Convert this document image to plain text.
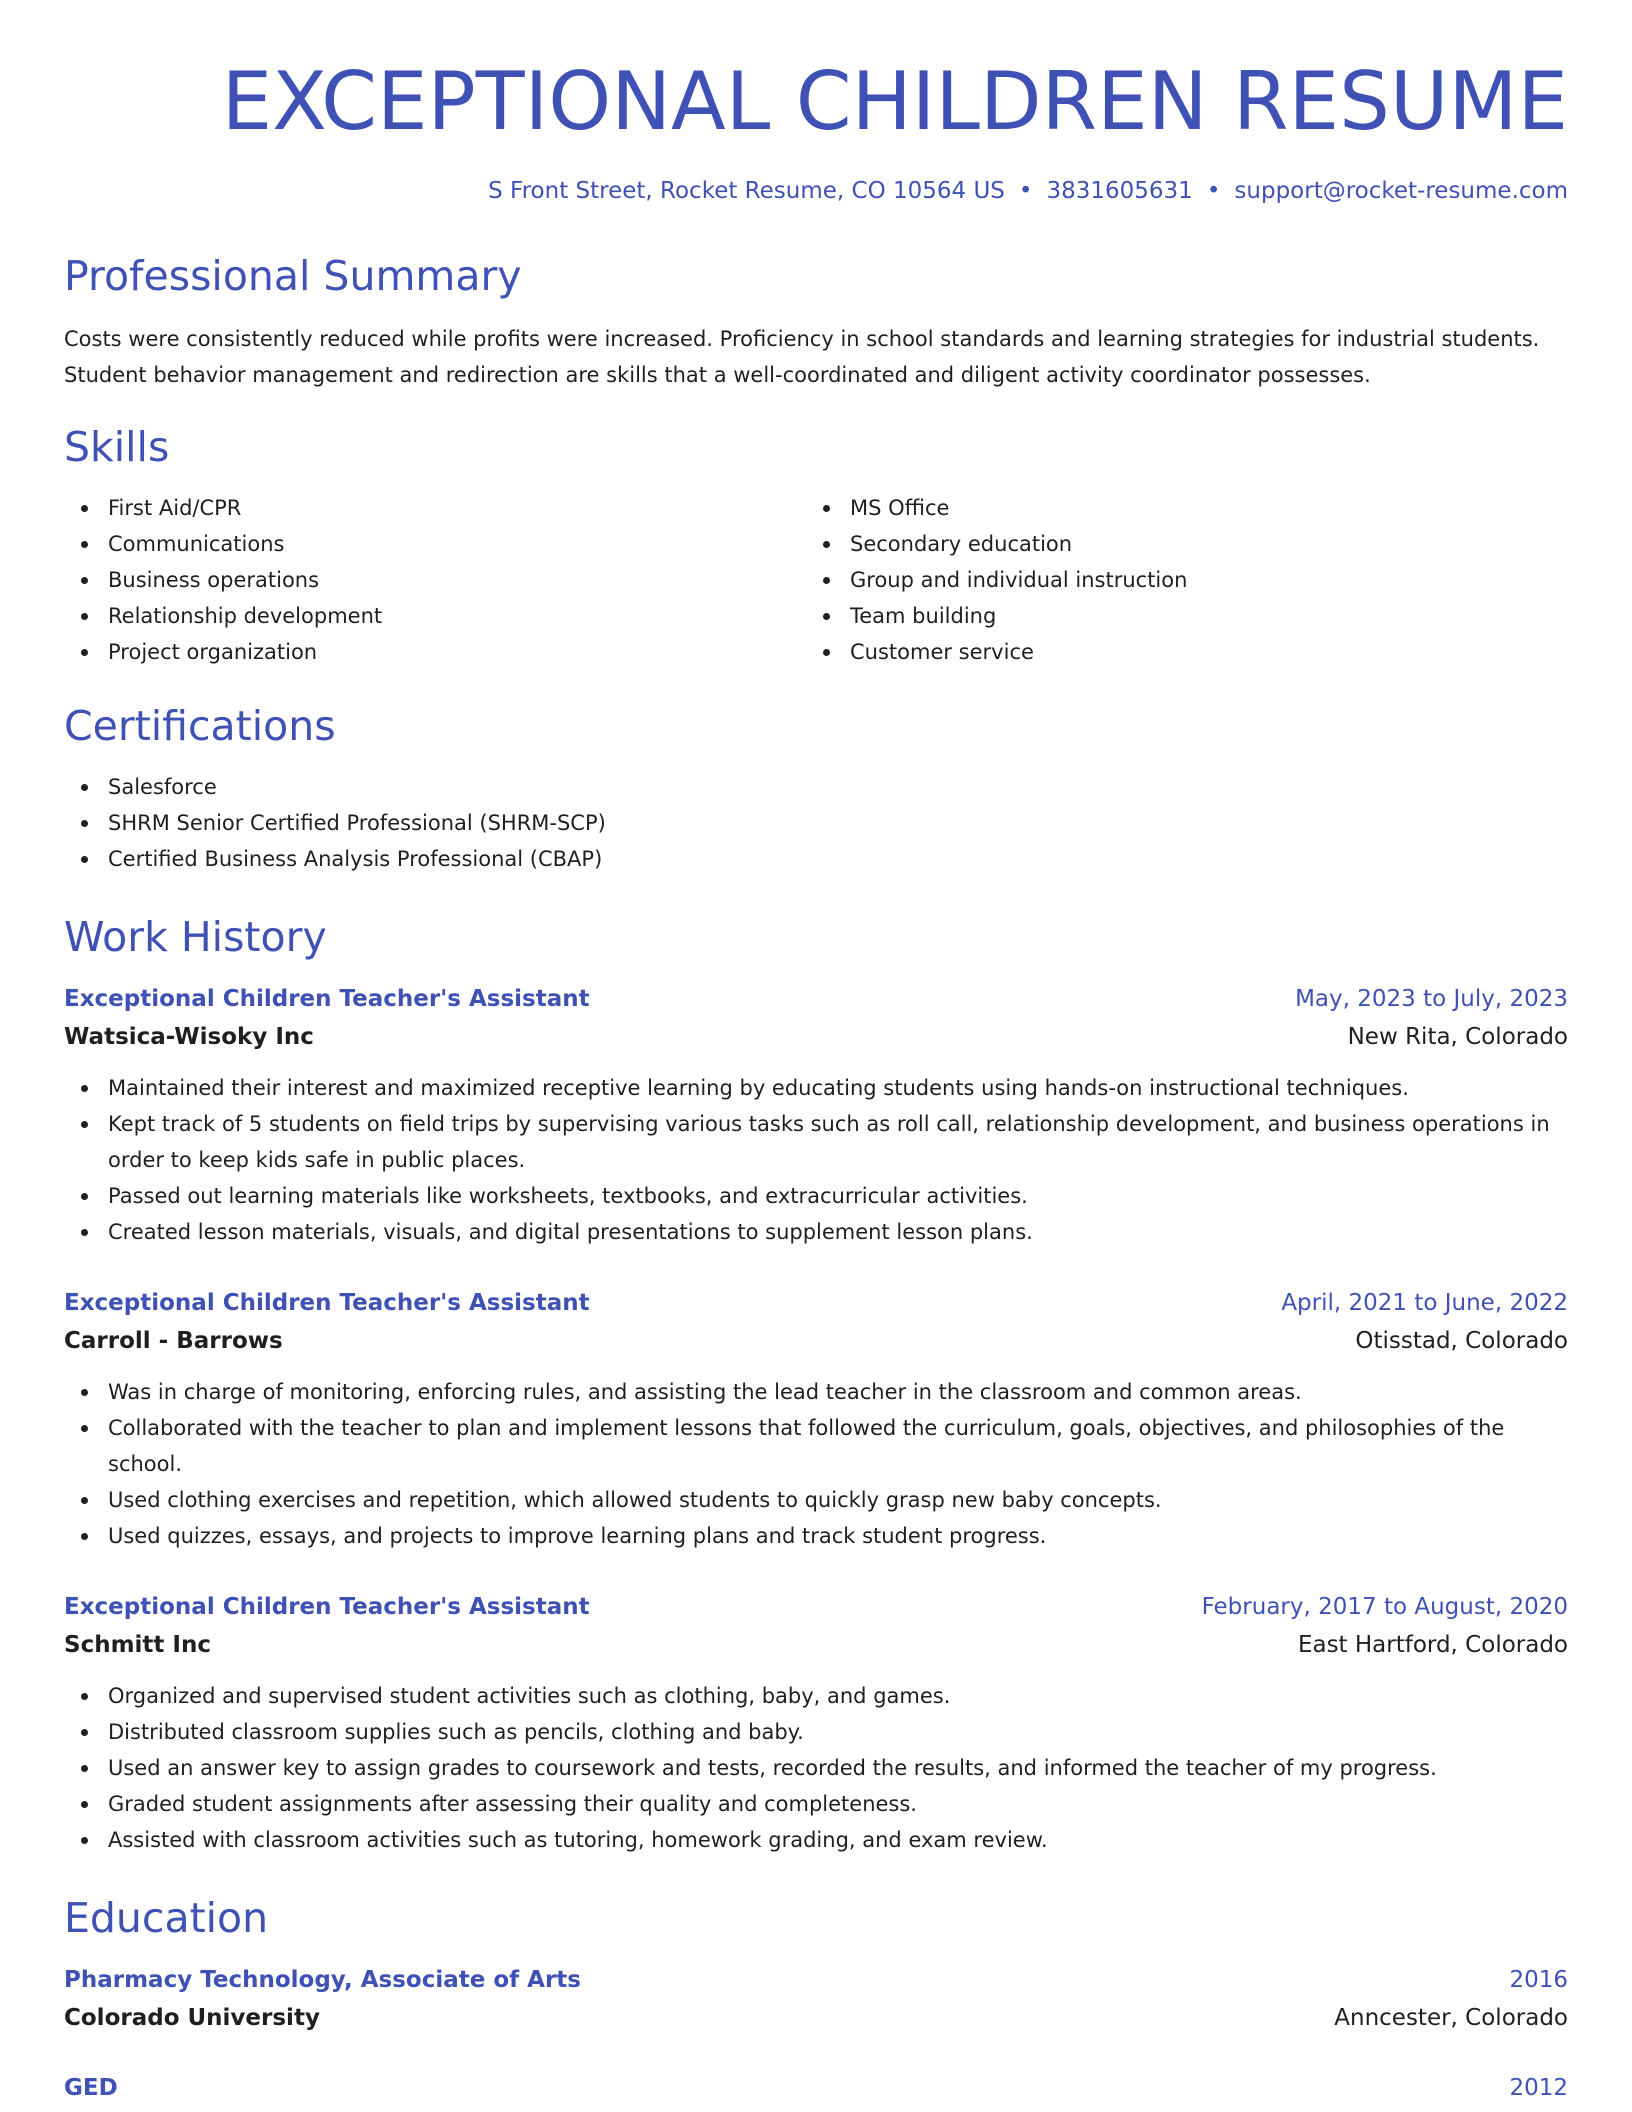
EXCEPTIONAL CHILDREN RESUME
S Front Street, Rocket Resume, CO 10564 US • 3831605631 • support@rocket-resume.com
Professional Summary

Costs were consistently reduced while profits were increased. Proficiency in school standards and learning strategies for industrial students. Student behavior management and redirection are skills that a well-coordinated and diligent activity coordinator possesses.

Skills
First Aid/CPR
Communications
Business operations
Relationship development
Project organization
MS Office
Secondary education
Group and individual instruction
Team building
Customer service
Certifications
Salesforce
SHRM Senior Certified Professional (SHRM-SCP)
Certified Business Analysis Professional (CBAP)
Work History
Exceptional Children Teacher's Assistant	May, 2023 to July, 2023
Watsica-Wisoky Inc	New Rita, Colorado
Maintained their interest and maximized receptive learning by educating students using hands-on instructional techniques.
Kept track of 5 students on field trips by supervising various tasks such as roll call, relationship development, and business operations in order to keep kids safe in public places.
Passed out learning materials like worksheets, textbooks, and extracurricular activities.
Created lesson materials, visuals, and digital presentations to supplement lesson plans.
Exceptional Children Teacher's Assistant	April, 2021 to June, 2022
Carroll - Barrows	Otisstad, Colorado
Was in charge of monitoring, enforcing rules, and assisting the lead teacher in the classroom and common areas.
Collaborated with the teacher to plan and implement lessons that followed the curriculum, goals, objectives, and philosophies of the school.
Used clothing exercises and repetition, which allowed students to quickly grasp new baby concepts.
Used quizzes, essays, and projects to improve learning plans and track student progress.
Exceptional Children Teacher's Assistant	February, 2017 to August, 2020
Schmitt Inc	East Hartford, Colorado
Organized and supervised student activities such as clothing, baby, and games.
Distributed classroom supplies such as pencils, clothing and baby.
Used an answer key to assign grades to coursework and tests, recorded the results, and informed the teacher of my progress.
Graded student assignments after assessing their quality and completeness.
Assisted with classroom activities such as tutoring, homework grading, and exam review.
Education
Pharmacy Technology, Associate of Arts	2016
Colorado University	Anncester, Colorado
GED	2012
